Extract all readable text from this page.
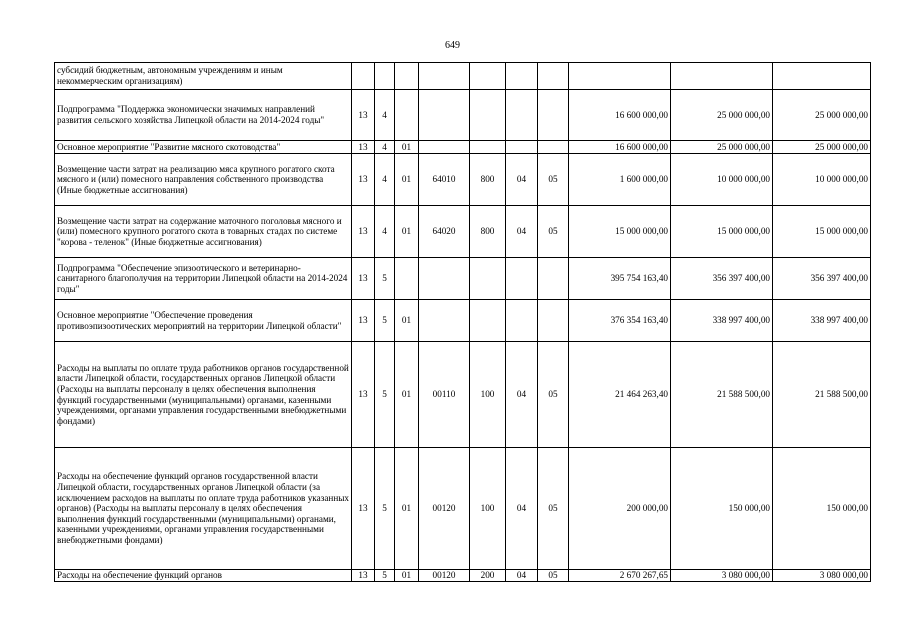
649
субсидий бюджетным, автономным учреждениям и иным некоммерческим организациям)										
Подпрограмма "Поддержка экономически значимых направлений развития сельского хозяйства Липецкой области на 2014-2024 годы"	13	4						16 600 000,00	25 000 000,00	25 000 000,00
Основное мероприятие "Развитие мясного скотоводства"	13	4	01					16 600 000,00	25 000 000,00	25 000 000,00
Возмещение части затрат на реализацию мяса крупного рогатого скота мясного и (или) помесного направления собственного производства (Иные бюджетные ассигнования)	13	4	01	64010	800	04	05	1 600 000,00	10 000 000,00	10 000 000,00
Возмещение части затрат на содержание маточного поголовья мясного и (или) помесного крупного рогатого скота в товарных стадах по системе "корова - теленок" (Иные бюджетные ассигнования)	13	4	01	64020	800	04	05	15 000 000,00	15 000 000,00	15 000 000,00
Подпрограмма "Обеспечение эпизоотического и ветеринарно-санитарного благополучия на территории Липецкой области на 2014-2024 годы"	13	5						395 754 163,40	356 397 400,00	356 397 400,00
Основное мероприятие "Обеспечение проведения противоэпизоотических мероприятий на территории Липецкой области"	13	5	01					376 354 163,40	338 997 400,00	338 997 400,00
Расходы на выплаты по оплате труда работников органов государственной власти Липецкой области, государственных органов Липецкой области (Расходы на выплаты персоналу в целях обеспечения выполнения функций государственными (муниципальными) органами, казенными учреждениями, органами управления государственными внебюджетными фондами)	13	5	01	00110	100	04	05	21 464 263,40	21 588 500,00	21 588 500,00
Расходы на обеспечение функций органов государственной власти Липецкой области, государственных органов Липецкой области (за исключением расходов на выплаты по оплате труда работников указанных органов) (Расходы на выплаты персоналу в целях обеспечения выполнения функций государственными (муниципальными) органами, казенными учреждениями, органами управления государственными внебюджетными фондами)	13	5	01	00120	100	04	05	200 000,00	150 000,00	150 000,00
Расходы на обеспечение функций органов	13	5	01	00120	200	04	05	2 670 267,65	3 080 000,00	3 080 000,00
